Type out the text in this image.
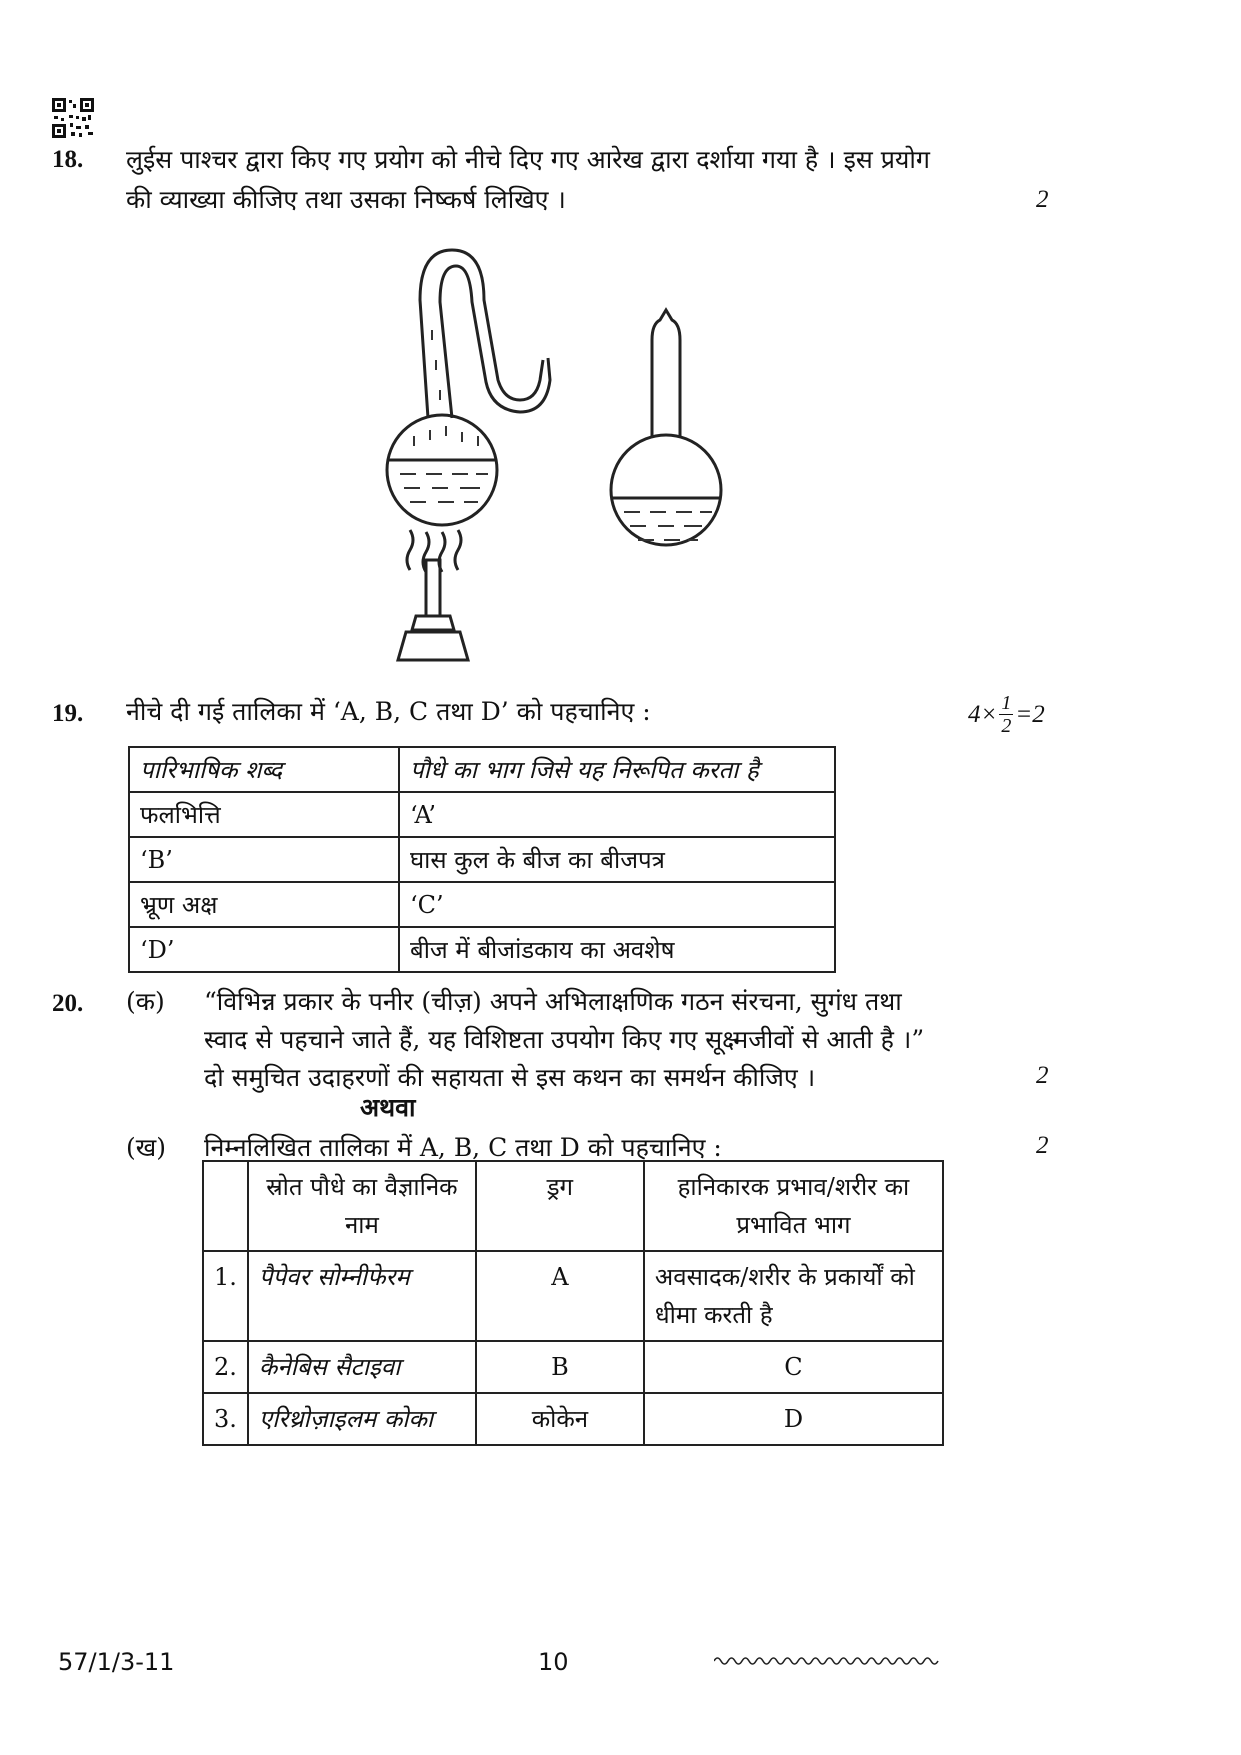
18. लुईस पाश्चर द्वारा किए गए प्रयोग को नीचे दिए गए आरेख द्वारा दर्शाया गया है । इस प्रयोग
की व्याख्या कीजिए तथा उसका निष्कर्ष लिखिए ।	2
19. नीचे दी गई तालिका में ‘A, B, C तथा D’ को पहचानिए :	$4\times \frac{1}{2} =2$
पारिभाषिक शब्द	पौधे का भाग जिसे यह निरूपित करता है
फलभित्ति	‘A’
‘B’	घास कुल के बीज का बीजपत्र
भ्रूण अक्ष	‘C’
‘D’	बीज में बीजांडकाय का अवशेष
20. (क) “विभिन्न प्रकार के पनीर (चीज़) अपने अभिलाक्षणिक गठन संरचना, सुगंध तथा
स्वाद से पहचाने जाते हैं, यह विशिष्टता उपयोग किए गए सूक्ष्मजीवों से आती है ।”
दो समुचित उदाहरणों की सहायता से इस कथन का समर्थन कीजिए ।	2
अथवा
(ख) निम्नलिखित तालिका में A, B, C तथा D को पहचानिए :	2
	स्रोत पौधे का वैज्ञानिक नाम	ड्रग	हानिकारक प्रभाव/शरीर का प्रभावित भाग
1.	पैपेवर सोम्नीफेरम	A	अवसादक/शरीर के प्रकार्यों को धीमा करती है
2.	कैनेबिस सैटाइवा	B	C
3.	एरिथ्रोज़ाइलम कोका	कोकेन	D
57/1/3-11	10
